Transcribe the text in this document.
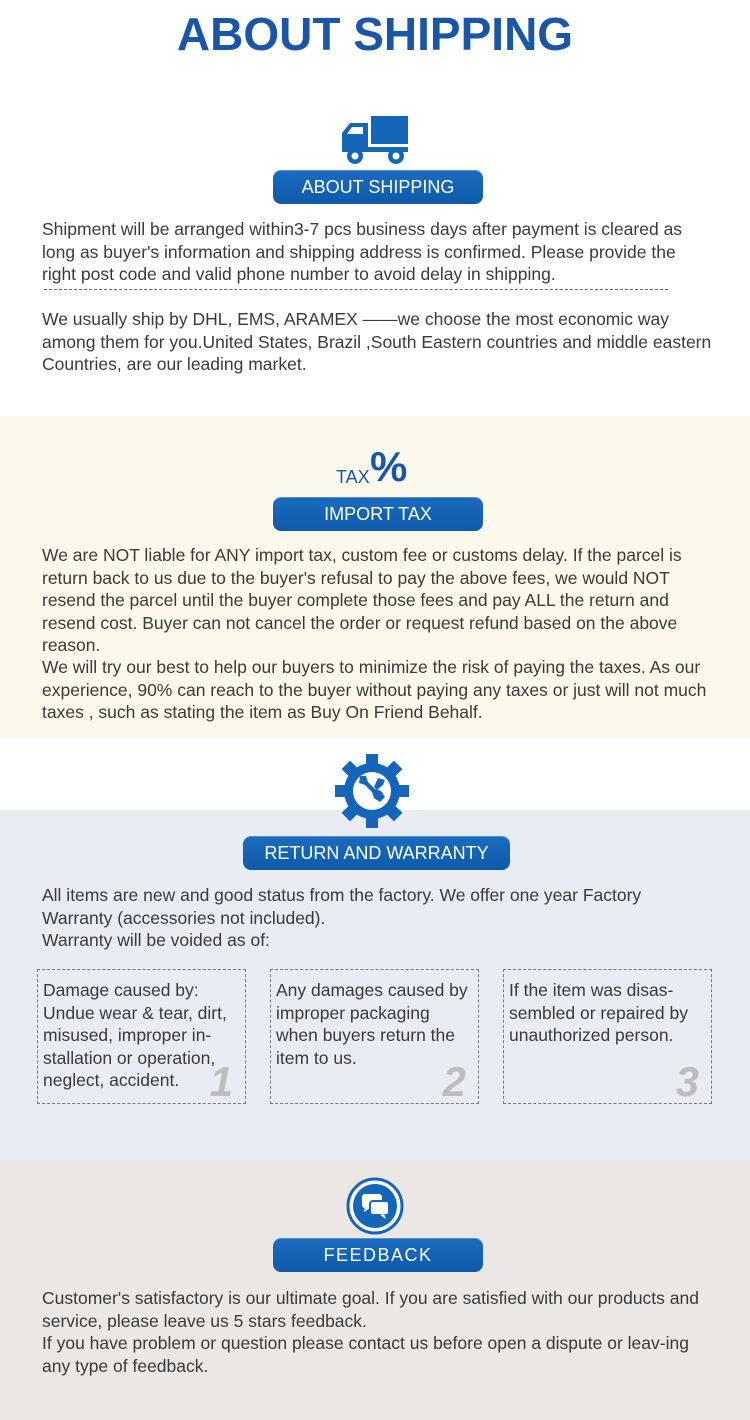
ABOUT SHIPPING
ABOUT SHIPPING
Shipment will be arranged within3-7 pcs business days after payment is cleared as long as buyer's information and shipping address is confirmed. Please provide the right post code and valid phone number to avoid delay in shipping.
We usually ship by DHL, EMS, ARAMEX ——we choose the most economic way among them for you.United States, Brazil ,South Eastern countries and middle eastern Countries, are our leading market.
TAX %
IMPORT TAX
We are NOT liable for ANY import tax, custom fee or customs delay. If the parcel is return back to us due to the buyer's refusal to pay the above fees, we would NOT resend the parcel until the buyer complete those fees and pay ALL the return and resend cost. Buyer can not cancel the order or request refund based on the above reason.
We will try our best to help our buyers to minimize the risk of paying the taxes. As our experience, 90% can reach to the buyer without paying any taxes or just will not much taxes , such as stating the item as Buy On Friend Behalf.
RETURN AND WARRANTY
All items are new and good status from the factory. We offer one year Factory Warranty (accessories not included).
Warranty will be voided as of:
Damage caused by: Undue wear & tear, dirt, misused, improper in-stallation or operation, neglect, accident. 1
Any damages caused by improper packaging when buyers return the item to us.
2
If the item was disas-sembled or repaired by unauthorized person.
3
FEEDBACK
Customer's satisfactory is our ultimate goal. If you are satisfied with our products and service, please leave us 5 stars feedback.
If you have problem or question please contact us before open a dispute or leav-ing any type of feedback.
